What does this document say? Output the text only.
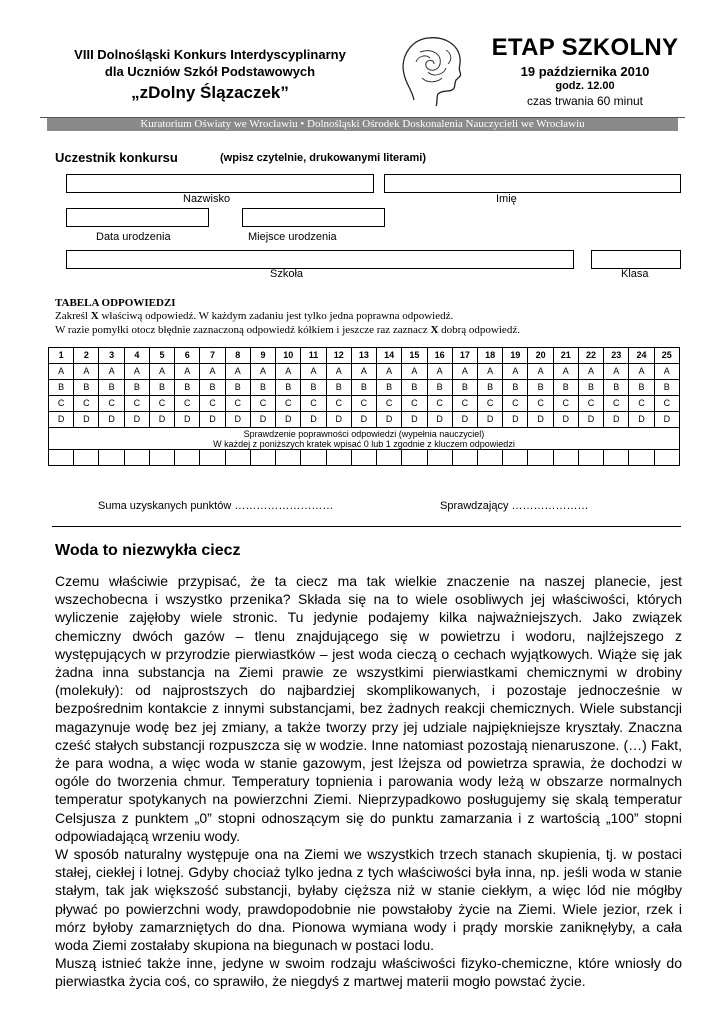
VIII Dolnośląski Konkurs Interdyscyplinarny
dla Uczniów Szkół Podstawowych
„zDolny Ślązaczek”
ETAP SZKOLNY
19 października 2010
godz. 12.00
czas trwania 60 minut
Kuratorium Oświaty we Wrocławiu • Dolnośląski Ośrodek Doskonalenia Nauczycieli we Wrocławiu
Uczestnik konkursu	(wpisz czytelnie, drukowanymi literami)
Nazwisko	Imię
Data urodzenia	Miejsce urodzenia
Szkoła	Klasa
TABELA ODPOWIEDZI
Zakreśl X właściwą odpowiedź. W każdym zadaniu jest tylko jedna poprawna odpowiedź.
W razie pomyłki otocz błędnie zaznaczoną odpowiedź kółkiem i jeszcze raz zaznacz X dobrą odpowiedź.
1	2	3	4	5	6	7	8	9	10	11	12	13	14	15	16	17	18	19	20	21	22	23	24	25
A	A	A	A	A	A	A	A	A	A	A	A	A	A	A	A	A	A	A	A	A	A	A	A	A
B	B	B	B	B	B	B	B	B	B	B	B	B	B	B	B	B	B	B	B	B	B	B	B	B
C	C	C	C	C	C	C	C	C	C	C	C	C	C	C	C	C	C	C	C	C	C	C	C	C
D	D	D	D	D	D	D	D	D	D	D	D	D	D	D	D	D	D	D	D	D	D	D	D	D

Sprawdzenie poprawności odpowiedzi (wypełnia nauczyciel)
W każdej z poniższych kratek wpisać 0 lub 1 zgodnie z kluczem odpowiedzi																								

Suma uzyskanych punktów ………………………	Sprawdzający …………………
Woda to niezwykła ciecz

Czemu właściwie przypisać, że ta ciecz ma tak wielkie znaczenie na naszej planecie, jest wszechobecna i wszystko przenika? Składa się na to wiele osobliwych jej właściwości, których wyliczenie zajęłoby wiele stronic. Tu jedynie podajemy kilka najważniejszych. Jako związek chemiczny dwóch gazów – tlenu znajdującego się w powietrzu i wodoru, najlżejszego z występujących w przyrodzie pierwiastków – jest woda cieczą o cechach wyjątkowych. Wiąże się jak żadna inna substancja na Ziemi prawie ze wszystkimi pierwiastkami chemicznymi w drobiny (molekuły): od najprostszych do najbardziej skomplikowanych, i pozostaje jednocześnie w bezpośrednim kontakcie z innymi substancjami, bez żadnych reakcji chemicznych. Wiele substancji magazynuje wodę bez jej zmiany, a także tworzy przy jej udziale najpiękniejsze kryształy. Znaczna cześć stałych substancji rozpuszcza się w wodzie. Inne natomiast pozostają nienaruszone. (…) Fakt, że para wodna, a więc woda w stanie gazowym, jest lżejsza od powietrza sprawia, że dochodzi w ogóle do tworzenia chmur. Temperatury topnienia i parowania wody leżą w obszarze normalnych temperatur spotykanych na powierzchni Ziemi. Nieprzypadkowo posługujemy się skalą temperatur Celsjusza z punktem „0” stopni odnoszącym się do punktu zamarzania i z wartością „100” stopni odpowiadającą wrzeniu wody.

W sposób naturalny występuje ona na Ziemi we wszystkich trzech stanach skupienia, tj. w postaci stałej, ciekłej i lotnej. Gdyby chociaż tylko jedna z tych właściwości była inna, np. jeśli woda w stanie stałym, tak jak większość substancji, byłaby cięższa niż w stanie ciekłym, a więc lód nie mógłby pływać po powierzchni wody, prawdopodobnie nie powstałoby życie na Ziemi. Wiele jezior, rzek i mórz byłoby zamarzniętych do dna. Pionowa wymiana wody i prądy morskie zaniknęłyby, a cała woda Ziemi zostałaby skupiona na biegunach w postaci lodu.

Muszą istnieć także inne, jedyne w swoim rodzaju właściwości fizyko-chemiczne, które wniosły do pierwiastka życia coś, co sprawiło, że niegdyś z martwej materii mogło powstać życie.
